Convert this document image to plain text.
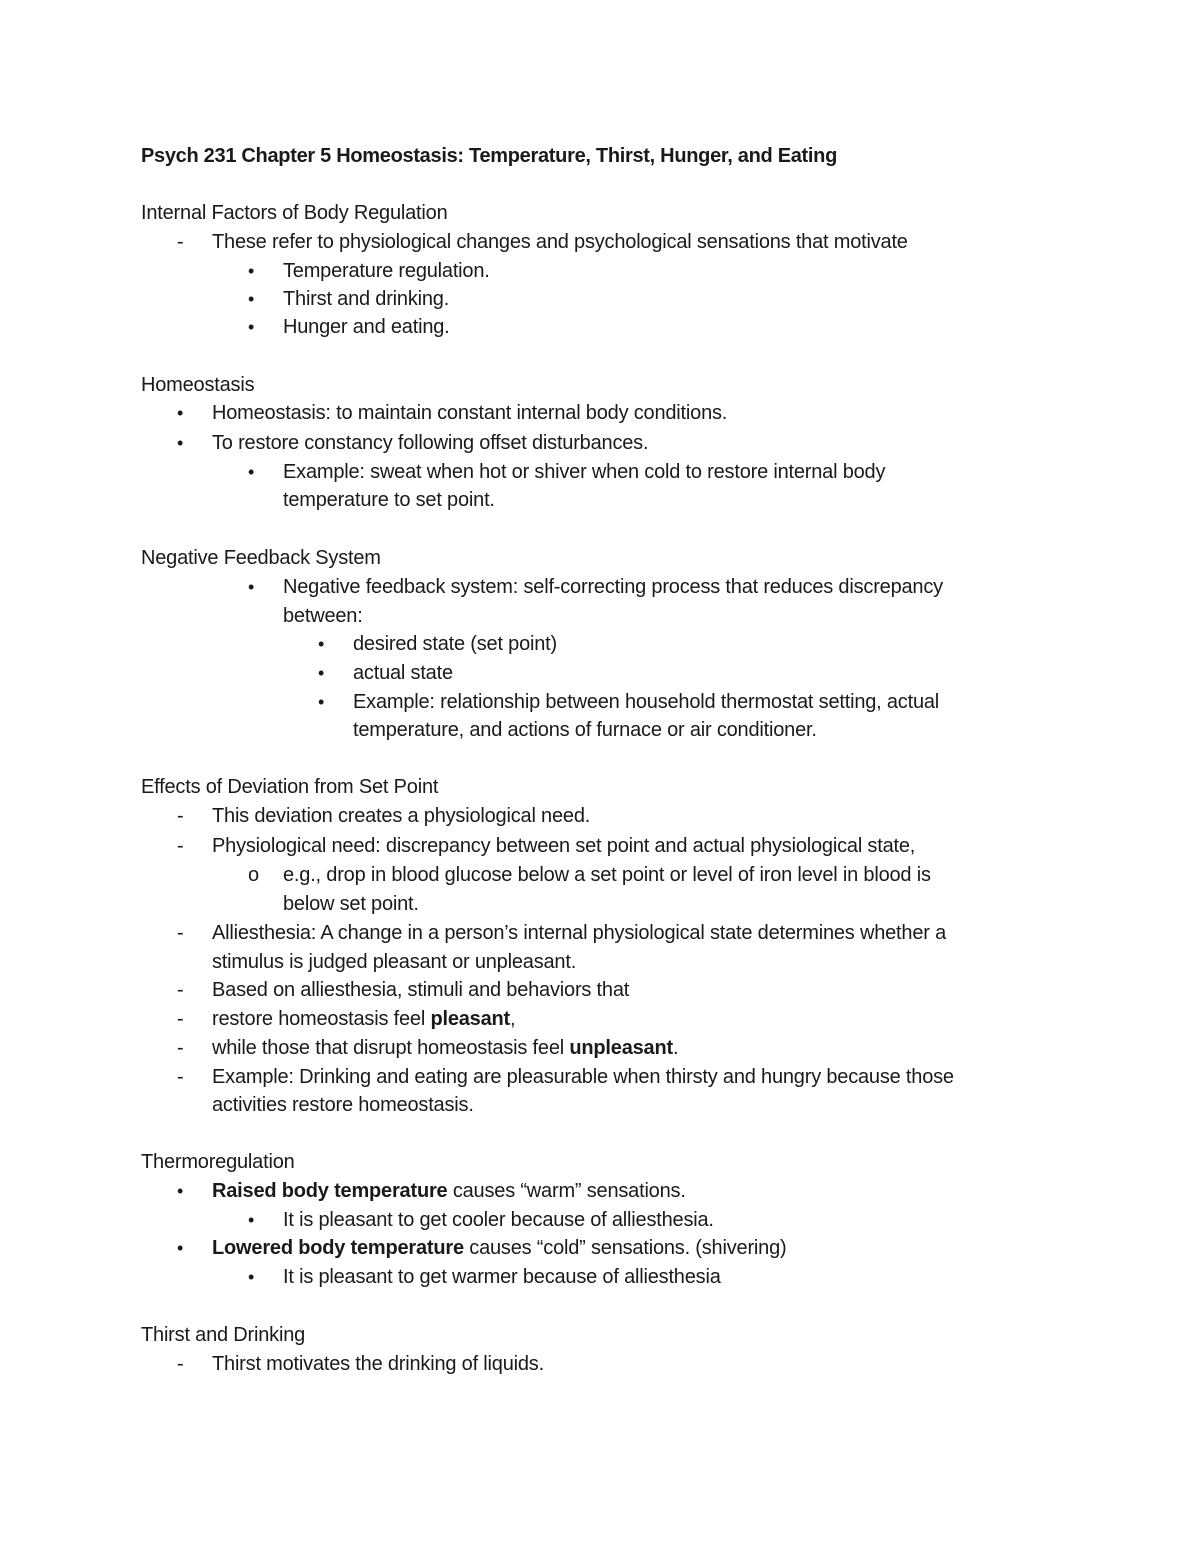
Psych 231 Chapter 5 Homeostasis: Temperature, Thirst, Hunger, and Eating
Internal Factors of Body Regulation
- These refer to physiological changes and psychological sensations that motivate
• Temperature regulation.
• Thirst and drinking.
• Hunger and eating.
Homeostasis
• Homeostasis: to maintain constant internal body conditions.
• To restore constancy following offset disturbances.
• Example: sweat when hot or shiver when cold to restore internal body
temperature to set point.
Negative Feedback System
• Negative feedback system: self-correcting process that reduces discrepancy
between:
• desired state (set point)
• actual state
• Example: relationship between household thermostat setting, actual
temperature, and actions of furnace or air conditioner.
Effects of Deviation from Set Point
- This deviation creates a physiological need.
- Physiological need: discrepancy between set point and actual physiological state,
o e.g., drop in blood glucose below a set point or level of iron level in blood is
below set point.
- Alliesthesia: A change in a person’s internal physiological state determines whether a
stimulus is judged pleasant or unpleasant.
- Based on alliesthesia, stimuli and behaviors that
- restore homeostasis feel pleasant,
- while those that disrupt homeostasis feel unpleasant.
- Example: Drinking and eating are pleasurable when thirsty and hungry because those
activities restore homeostasis.
Thermoregulation
• Raised body temperature causes “warm” sensations.
• It is pleasant to get cooler because of alliesthesia.
• Lowered body temperature causes “cold” sensations. (shivering)
• It is pleasant to get warmer because of alliesthesia
Thirst and Drinking
- Thirst motivates the drinking of liquids.
